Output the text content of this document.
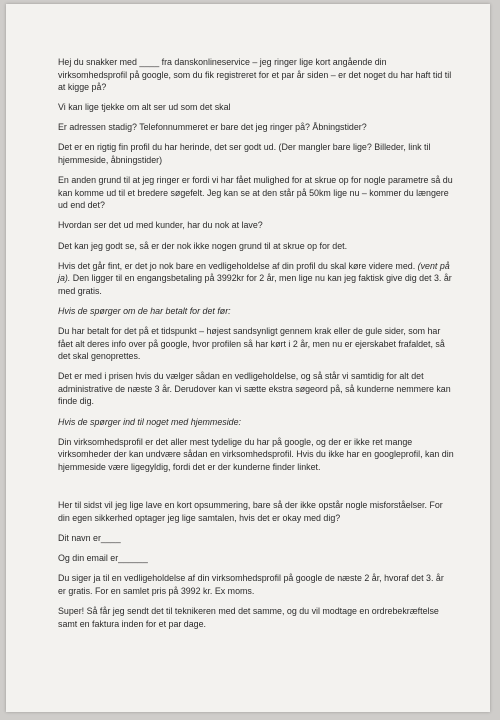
Hej du snakker med ____ fra danskonlineservice – jeg ringer lige kort angående din virksomhedsprofil på google, som du fik registreret for et par år siden – er det noget du har haft tid til at kigge på?

Vi kan lige tjekke om alt ser ud som det skal

Er adressen stadig? Telefonnummeret er bare det jeg ringer på? Åbningstider?

Det er en rigtig fin profil du har herinde, det ser godt ud. (Der mangler bare lige? Billeder, link til hjemmeside, åbningstider)

En anden grund til at jeg ringer er fordi vi har fået mulighed for at skrue op for nogle parametre så du kan komme ud til et bredere søgefelt. Jeg kan se at den står på 50km lige nu – kommer du længere ud end det?

Hvordan ser det ud med kunder, har du nok at lave?

Det kan jeg godt se, så er der nok ikke nogen grund til at skrue op for det.

Hvis det går fint, er det jo nok bare en vedligeholdelse af din profil du skal køre videre med. (vent på ja). Den ligger til en engangsbetaling på 3992kr for 2 år, men lige nu kan jeg faktisk give dig det 3. år med gratis.

Hvis de spørger om de har betalt for det før:

Du har betalt for det på et tidspunkt – højest sandsynligt gennem krak eller de gule sider, som har fået alt deres info over på google, hvor profilen så har kørt i 2 år, men nu er ejerskabet frafaldet, så det skal genoprettes.

Det er med i prisen hvis du vælger sådan en vedligeholdelse, og så står vi samtidig for alt det administrative de næste 3 år. Derudover kan vi sætte ekstra søgeord på, så kunderne nemmere kan finde dig.

Hvis de spørger ind til noget med hjemmeside:

Din virksomhedsprofil er det aller mest tydelige du har på google, og der er ikke ret mange virksomheder der kan undvære sådan en virksomhedsprofil. Hvis du ikke har en googleprofil, kan din hjemmeside være ligegyldig, fordi det er der kunderne finder linket.

Her til sidst vil jeg lige lave en kort opsummering, bare så der ikke opstår nogle misforståelser. For din egen sikkerhed optager jeg lige samtalen, hvis det er okay med dig?

Dit navn er____

Og din email er______

Du siger ja til en vedligeholdelse af din virksomhedsprofil på google de næste 2 år, hvoraf det 3. år er gratis. For en samlet pris på 3992 kr. Ex moms.

Super! Så får jeg sendt det til teknikeren med det samme, og du vil modtage en ordrebekræftelse samt en faktura inden for et par dage.
